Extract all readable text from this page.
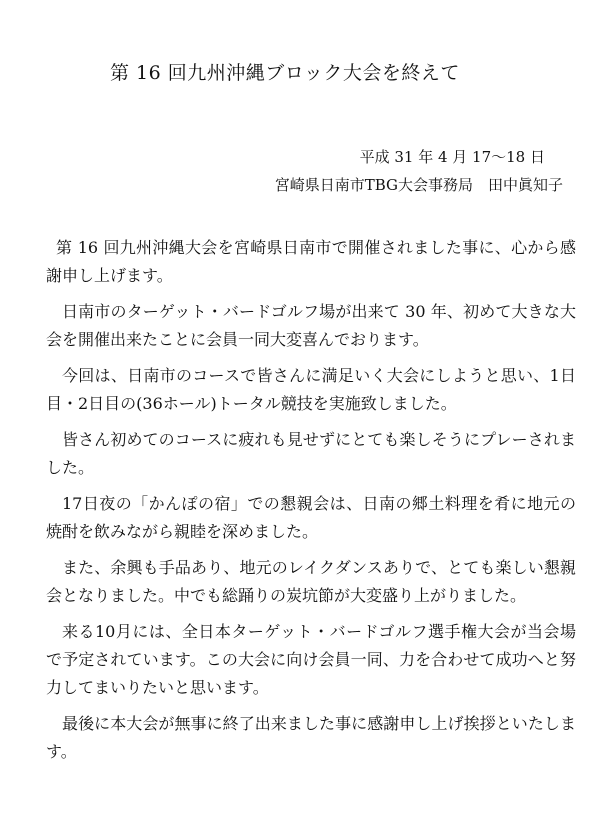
第 16 回九州沖縄ブロック大会を終えて
平成 31 年 4 月 17～18 日
宮崎県日南市TBG大会事務局　田中眞知子

第 16 回九州沖縄大会を宮崎県日南市で開催されました事に、心から感謝申し上げます。

日南市のターゲット・バードゴルフ場が出来て 30 年、初めて大きな大会を開催出来たことに会員一同大変喜んでおります。

今回は、日南市のコースで皆さんに満足いく大会にしようと思い、1日目・2日目の(36ホール)トータル競技を実施致しました。

皆さん初めてのコースに疲れも見せずにとても楽しそうにプレーされました。

17日夜の「かんぽの宿」での懇親会は、日南の郷土料理を肴に地元の焼酎を飲みながら親睦を深めました。

また、余興も手品あり、地元のレイクダンスありで、とても楽しい懇親会となりました。中でも総踊りの炭坑節が大変盛り上がりました。

来る10月には、全日本ターゲット・バードゴルフ選手権大会が当会場で予定されています。この大会に向け会員一同、力を合わせて成功へと努力してまいりたいと思います。

最後に本大会が無事に終了出来ました事に感謝申し上げ挨拶といたします。
